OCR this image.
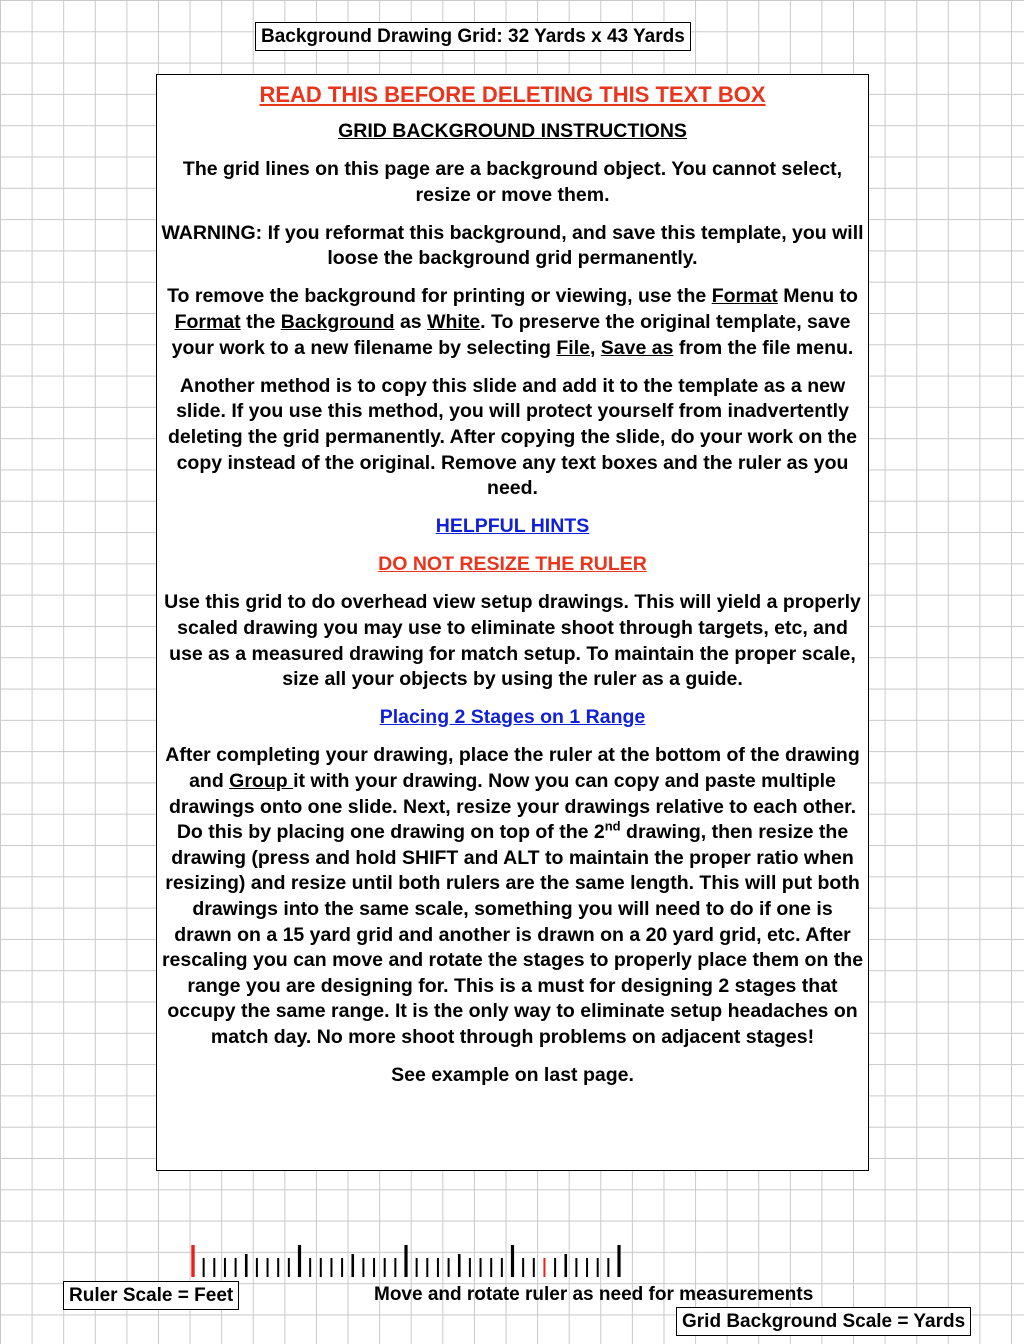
Background Drawing Grid: 32 Yards x 43 Yards

READ THIS BEFORE DELETING THIS TEXT BOX

GRID BACKGROUND INSTRUCTIONS

The grid lines on this page are a background object. You cannot select, resize or move them.

WARNING: If you reformat this background, and save this template, you will loose the background grid permanently.

To remove the background for printing or viewing, use the Format Menu to Format the Background as White. To preserve the original template, save your work to a new filename by selecting File, Save as from the file menu.

Another method is to copy this slide and add it to the template as a new slide. If you use this method, you will protect yourself from inadvertently deleting the grid permanently. After copying the slide, do your work on the copy instead of the original. Remove any text boxes and the ruler as you need.

HELPFUL HINTS

DO NOT RESIZE THE RULER

Use this grid to do overhead view setup drawings. This will yield a properly scaled drawing you may use to eliminate shoot through targets, etc, and use as a measured drawing for match setup. To maintain the proper scale, size all your objects by using the ruler as a guide.

Placing 2 Stages on 1 Range

After completing your drawing, place the ruler at the bottom of the drawing and Group it with your drawing. Now you can copy and paste multiple drawings onto one slide. Next, resize your drawings relative to each other. Do this by placing one drawing on top of the 2nd drawing, then resize the drawing (press and hold SHIFT and ALT to maintain the proper ratio when resizing) and resize until both rulers are the same length. This will put both drawings into the same scale, something you will need to do if one is drawn on a 15 yard grid and another is drawn on a 20 yard grid, etc. After rescaling you can move and rotate the stages to properly place them on the range you are designing for. This is a must for designing 2 stages that occupy the same range. It is the only way to eliminate setup headaches on match day. No more shoot through problems on adjacent stages!

See example on last page.

Move and rotate ruler as need for measurements
Ruler Scale = Feet
Grid Background Scale = Yards
